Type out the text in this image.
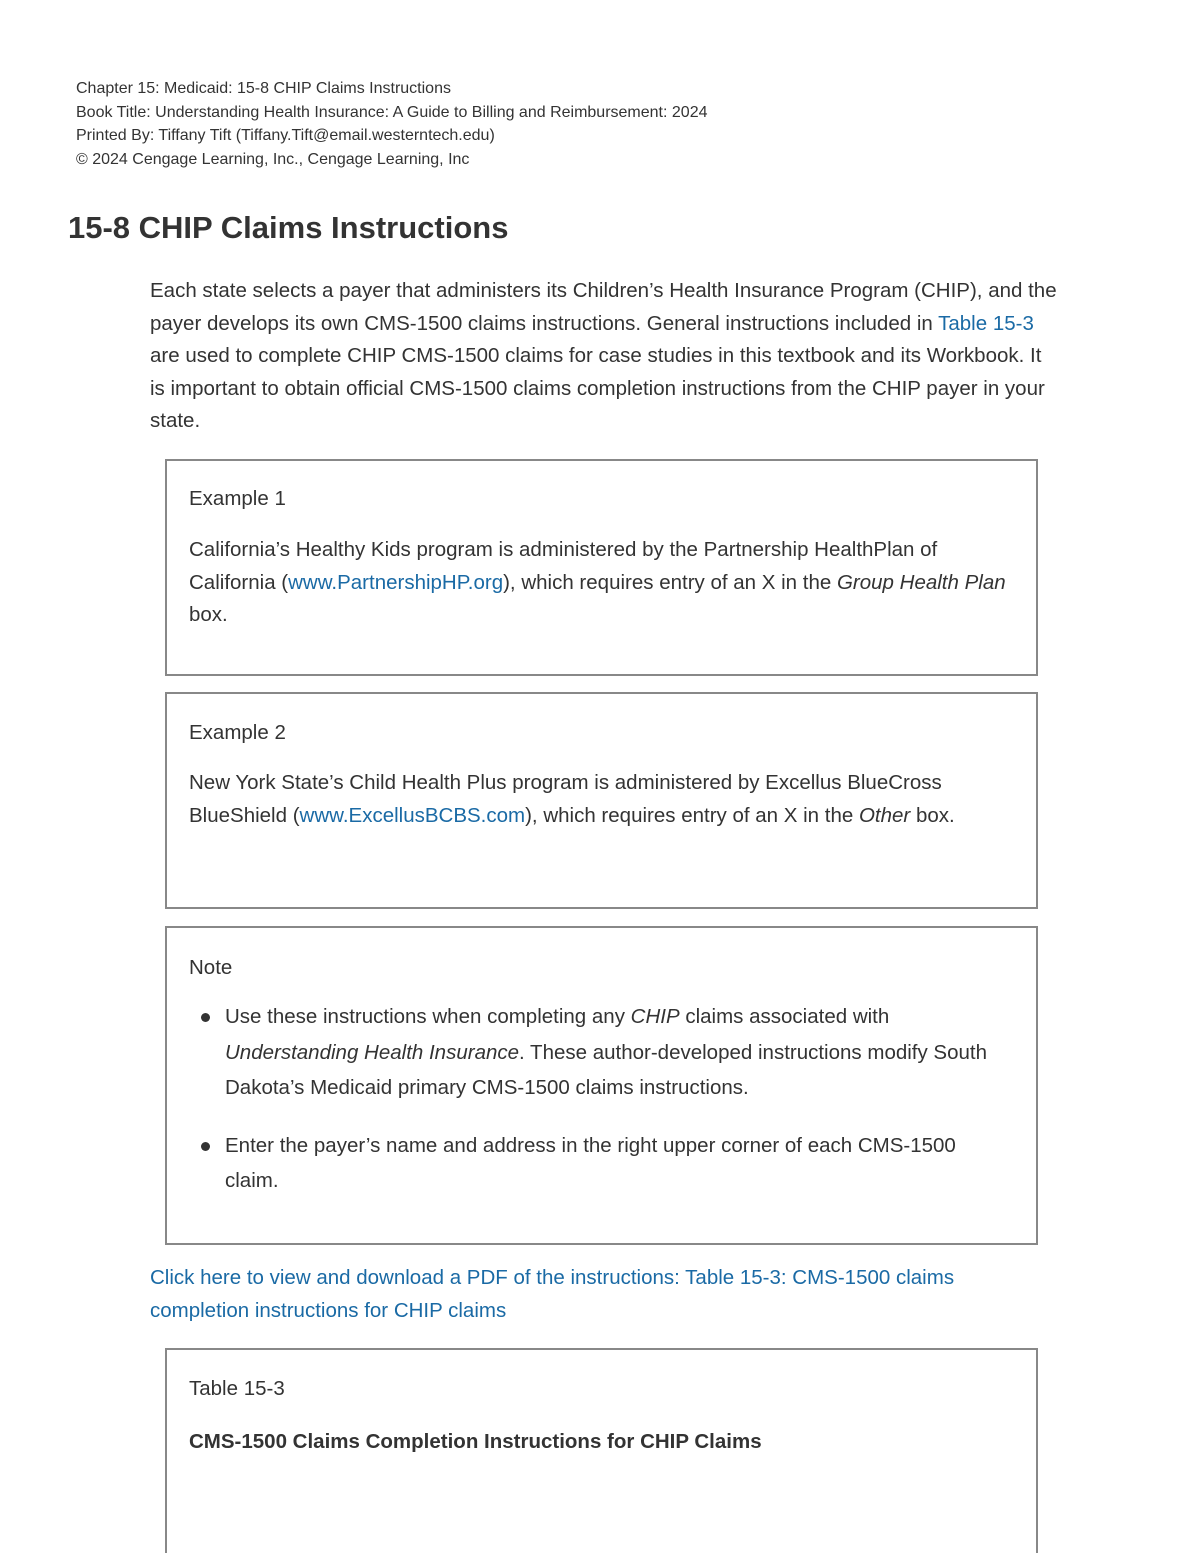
Chapter 15: Medicaid: 15-8 CHIP Claims Instructions
Book Title: Understanding Health Insurance: A Guide to Billing and Reimbursement: 2024
Printed By: Tiffany Tift (Tiffany.Tift@email.westerntech.edu)
© 2024 Cengage Learning, Inc., Cengage Learning, Inc
15-8 CHIP Claims Instructions

Each state selects a payer that administers its Children’s Health Insurance Program (CHIP), and the payer develops its own CMS-1500 claims instructions. General instructions included in Table 15-3 are used to complete CHIP CMS-1500 claims for case studies in this textbook and its Workbook. It is important to obtain official CMS-1500 claims completion instructions from the CHIP payer in your state.

Example 1

California’s Healthy Kids program is administered by the Partnership HealthPlan of California (www.PartnershipHP.org), which requires entry of an X in the Group Health Plan box.

Example 2

New York State’s Child Health Plus program is administered by Excellus BlueCross BlueShield (www.ExcellusBCBS.com), which requires entry of an X in the Other box.

Note
Use these instructions when completing any CHIP claims associated with Understanding Health Insurance. These author-developed instructions modify South Dakota’s Medicaid primary CMS-1500 claims instructions.
Enter the payer’s name and address in the right upper corner of each CMS-1500 claim.
Click here to view and download a PDF of the instructions: Table 15-3: CMS-1500 claims completion instructions for CHIP claims
Table 15-3
CMS-1500 Claims Completion Instructions for CHIP Claims
